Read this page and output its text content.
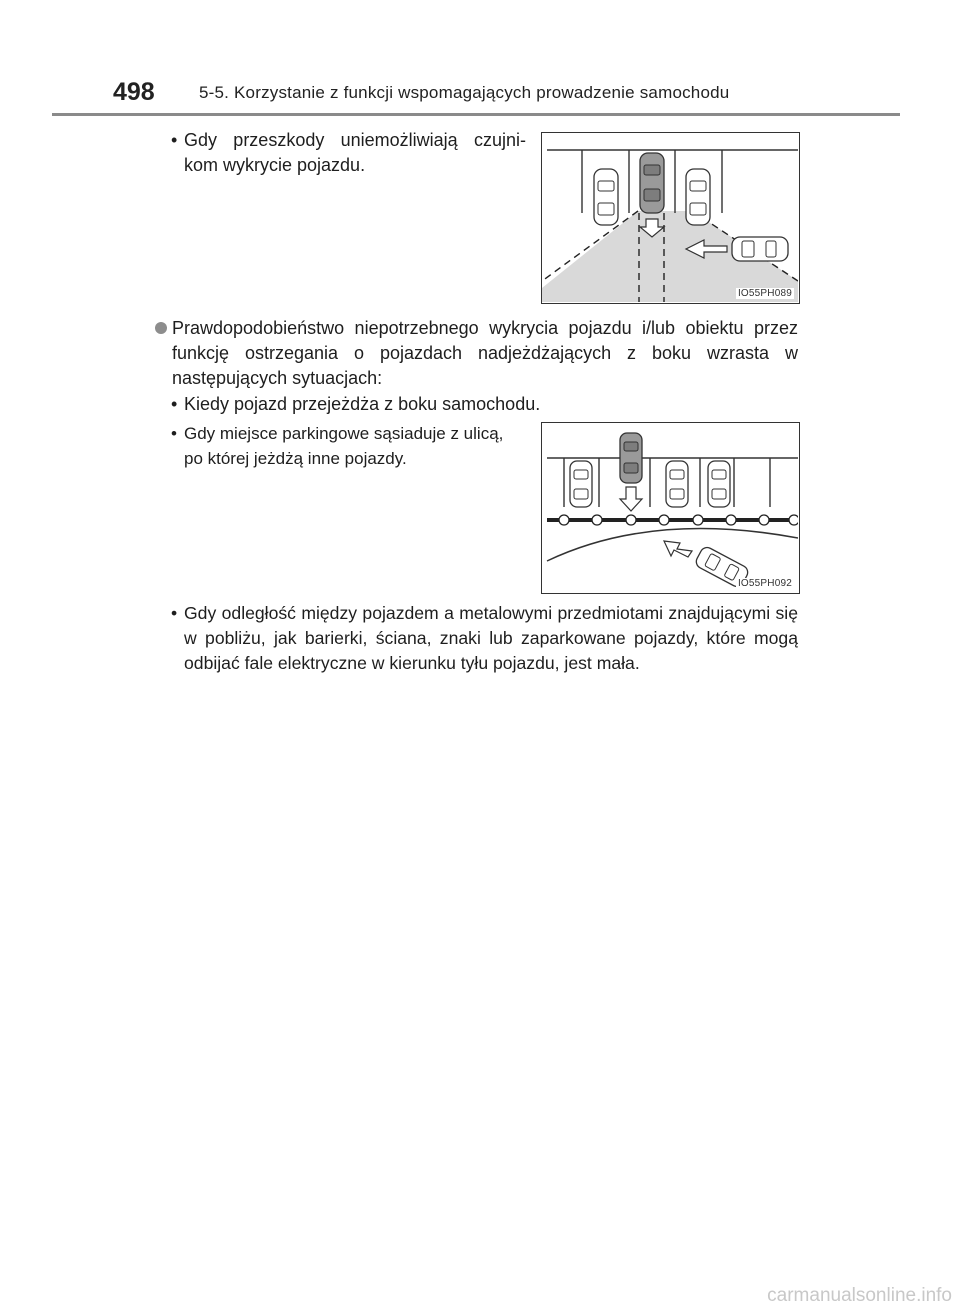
498	5-5. Korzystanie z funkcji wspomagających prowadzenie samochodu
• Gdy przeszkody uniemożliwiają czujni- kom wykrycie pojazdu.
IO55PH089
Prawdopodobieństwo niepotrzebnego wykrycia pojazdu i/lub obiektu przez funkcję ostrzegania o pojazdach nadjeżdżających z boku wzrasta w następujących sytuacjach:
• Kiedy pojazd przejeżdża z boku samochodu.
• Gdy miejsce parkingowe sąsiaduje z ulicą, po której jeżdżą inne pojazdy.
IO55PH092
• Gdy odległość między pojazdem a metalowymi przedmiotami znajdującymi się w pobliżu, jak barierki, ściana, znaki lub zaparkowane pojazdy, które mogą odbijać fale elektryczne w kierunku tyłu pojazdu, jest mała.
carmanualsonline.info
